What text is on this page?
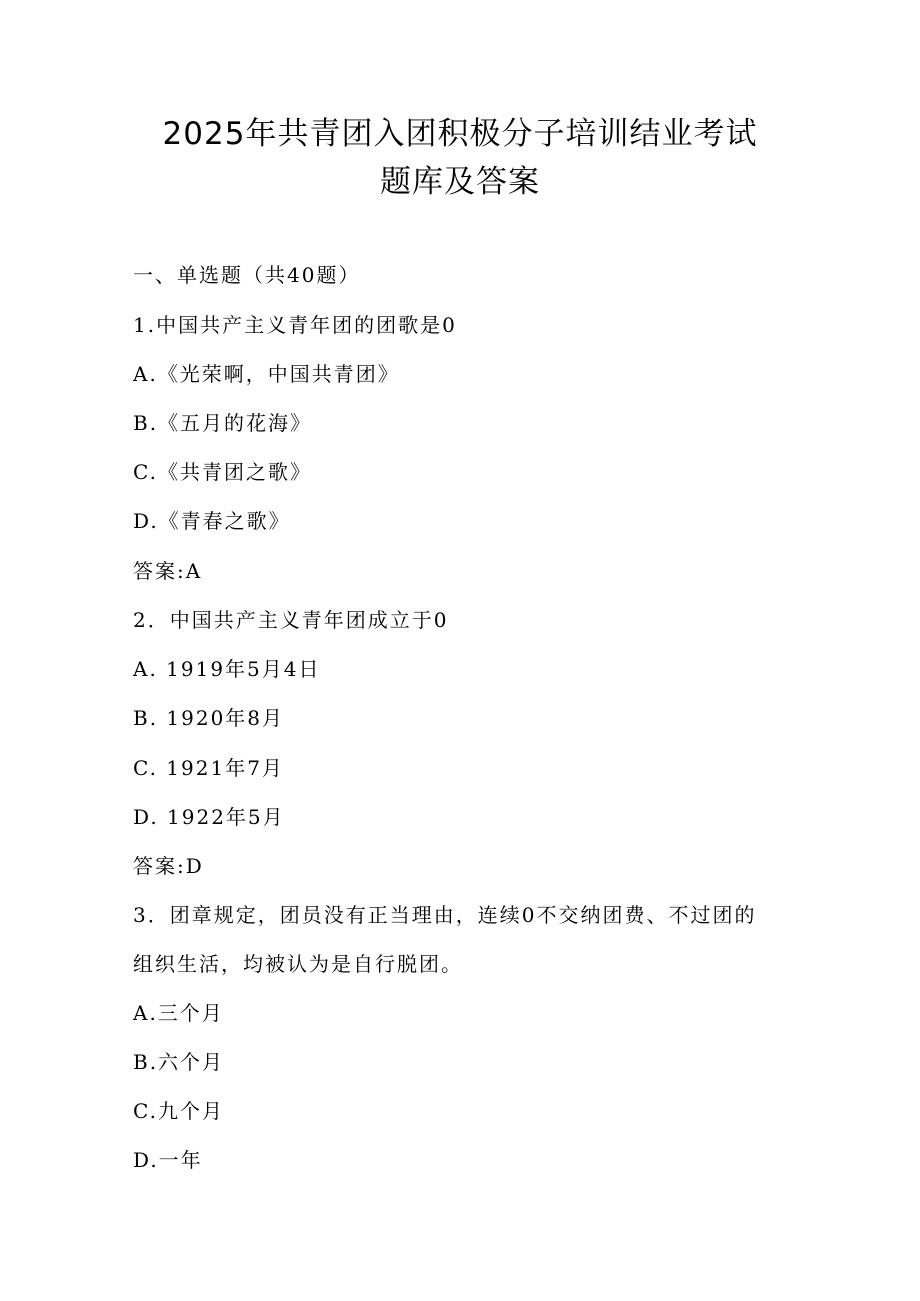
2025年共青团入团积极分子培训结业考试
题库及答案

一、单选题（共40题）

1.中国共产主义青年团的团歌是0

A.《光荣啊，中国共青团》

B.《五月的花海》

C.《共青团之歌》

D.《青春之歌》

答案:A

2．中国共产主义青年团成立于0

A. 1919年5月4日

B. 1920年8月

C. 1921年7月

D. 1922年5月

答案:D

3．团章规定，团员没有正当理由，连续0不交纳团费、不过团的

组织生活，均被认为是自行脱团。

A.三个月

B.六个月

C.九个月

D.一年
